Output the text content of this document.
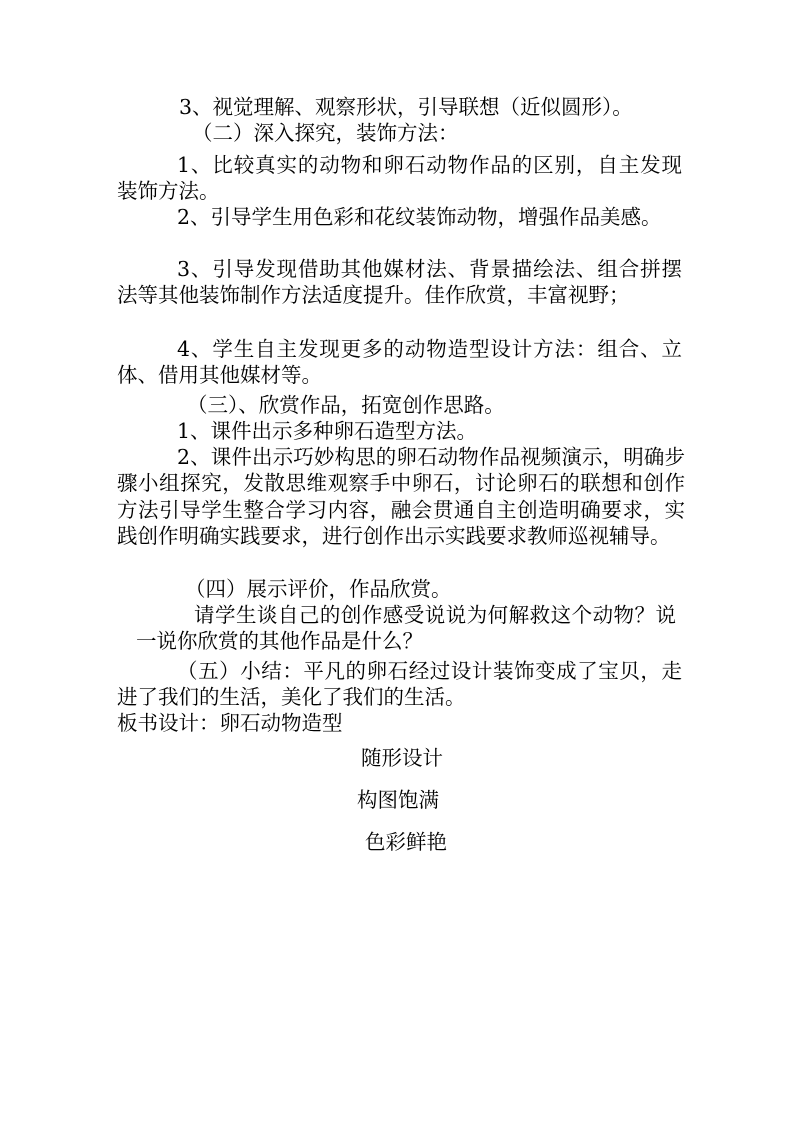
3、视觉理解、观察形状，引导联想（近似圆形）。
（二）深入探究，装饰方法：
1、比较真实的动物和卵石动物作品的区别，自主发现装饰方法。
2、引导学生用色彩和花纹装饰动物，增强作品美感。
3、引导发现借助其他媒材法、背景描绘法、组合拼摆法等其他装饰制作方法适度提升。佳作欣赏，丰富视野；
4、学生自主发现更多的动物造型设计方法：组合、立体、借用其他媒材等。
（三）、欣赏作品，拓宽创作思路。
1、课件出示多种卵石造型方法。
2、课件出示巧妙构思的卵石动物作品视频演示，明确步骤小组探究，发散思维观察手中卵石，讨论卵石的联想和创作方法引导学生整合学习内容，融会贯通自主创造明确要求，实践创作明确实践要求，进行创作出示实践要求教师巡视辅导。
（四）展示评价，作品欣赏。
请学生谈自己的创作感受说说为何解救这个动物？说一说你欣赏的其他作品是什么？
（五）小结：平凡的卵石经过设计装饰变成了宝贝，走进了我们的生活，美化了我们的生活。
板书设计：卵石动物造型
随形设计
构图饱满
色彩鲜艳
